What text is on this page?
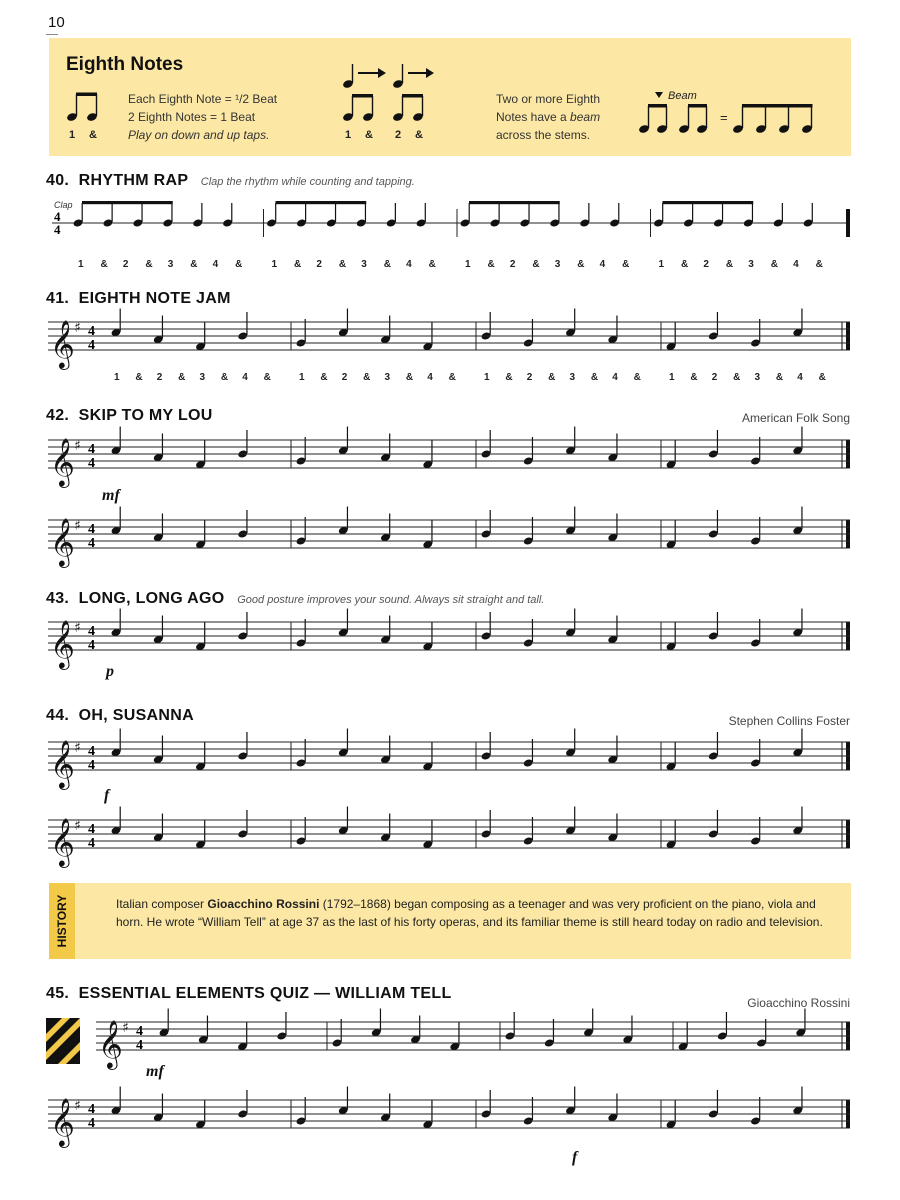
10
Eighth Notes
1 &
Each Eighth Note = ¹/2 Beat
2 Eighth Notes = 1 Beat
Play on down and up taps.	1 & 2 &
Two or more Eighth
Notes have a beam
across the stems.
Beam
=
40. RHYTHM RAP Clap the rhythm while counting and tapping.
Clap
4
4
1 & 2 & 3 & 4 &	1 & 2 & 3 & 4 &	1 & 2 & 3 & 4 &	1 & 2 & 3 & 4 &
41. EIGHTH NOTE JAM
𝄞 ♯ 4
4
1 & 2 & 3 & 4 &	1 & 2 & 3 & 4 &	1 & 2 & 3 & 4 &	1 & 2 & 3 & 4 &
42. SKIP TO MY LOU	American Folk Song
𝄞 ♯ 4
4
mf
𝄞 ♯ 4
4
43. LONG, LONG AGO Good posture improves your sound. Always sit straight and tall.
𝄞 ♯ 4
4
p
44. OH, SUSANNA	Stephen Collins Foster
𝄞 ♯ 4
4
f
𝄞 ♯ 4
4
HISTORY	Italian composer Gioacchino Rossini (1792–1868) began composing as a teenager and was very proficient on the piano, viola and horn. He wrote “William Tell” at age 37 as the last of his forty operas, and its familiar theme is still heard today on radio and television.
45. ESSENTIAL ELEMENTS QUIZ — WILLIAM TELL
Gioacchino Rossini
𝄞 ♯ 4
4
mf
𝄞 ♯ 4
4
f
